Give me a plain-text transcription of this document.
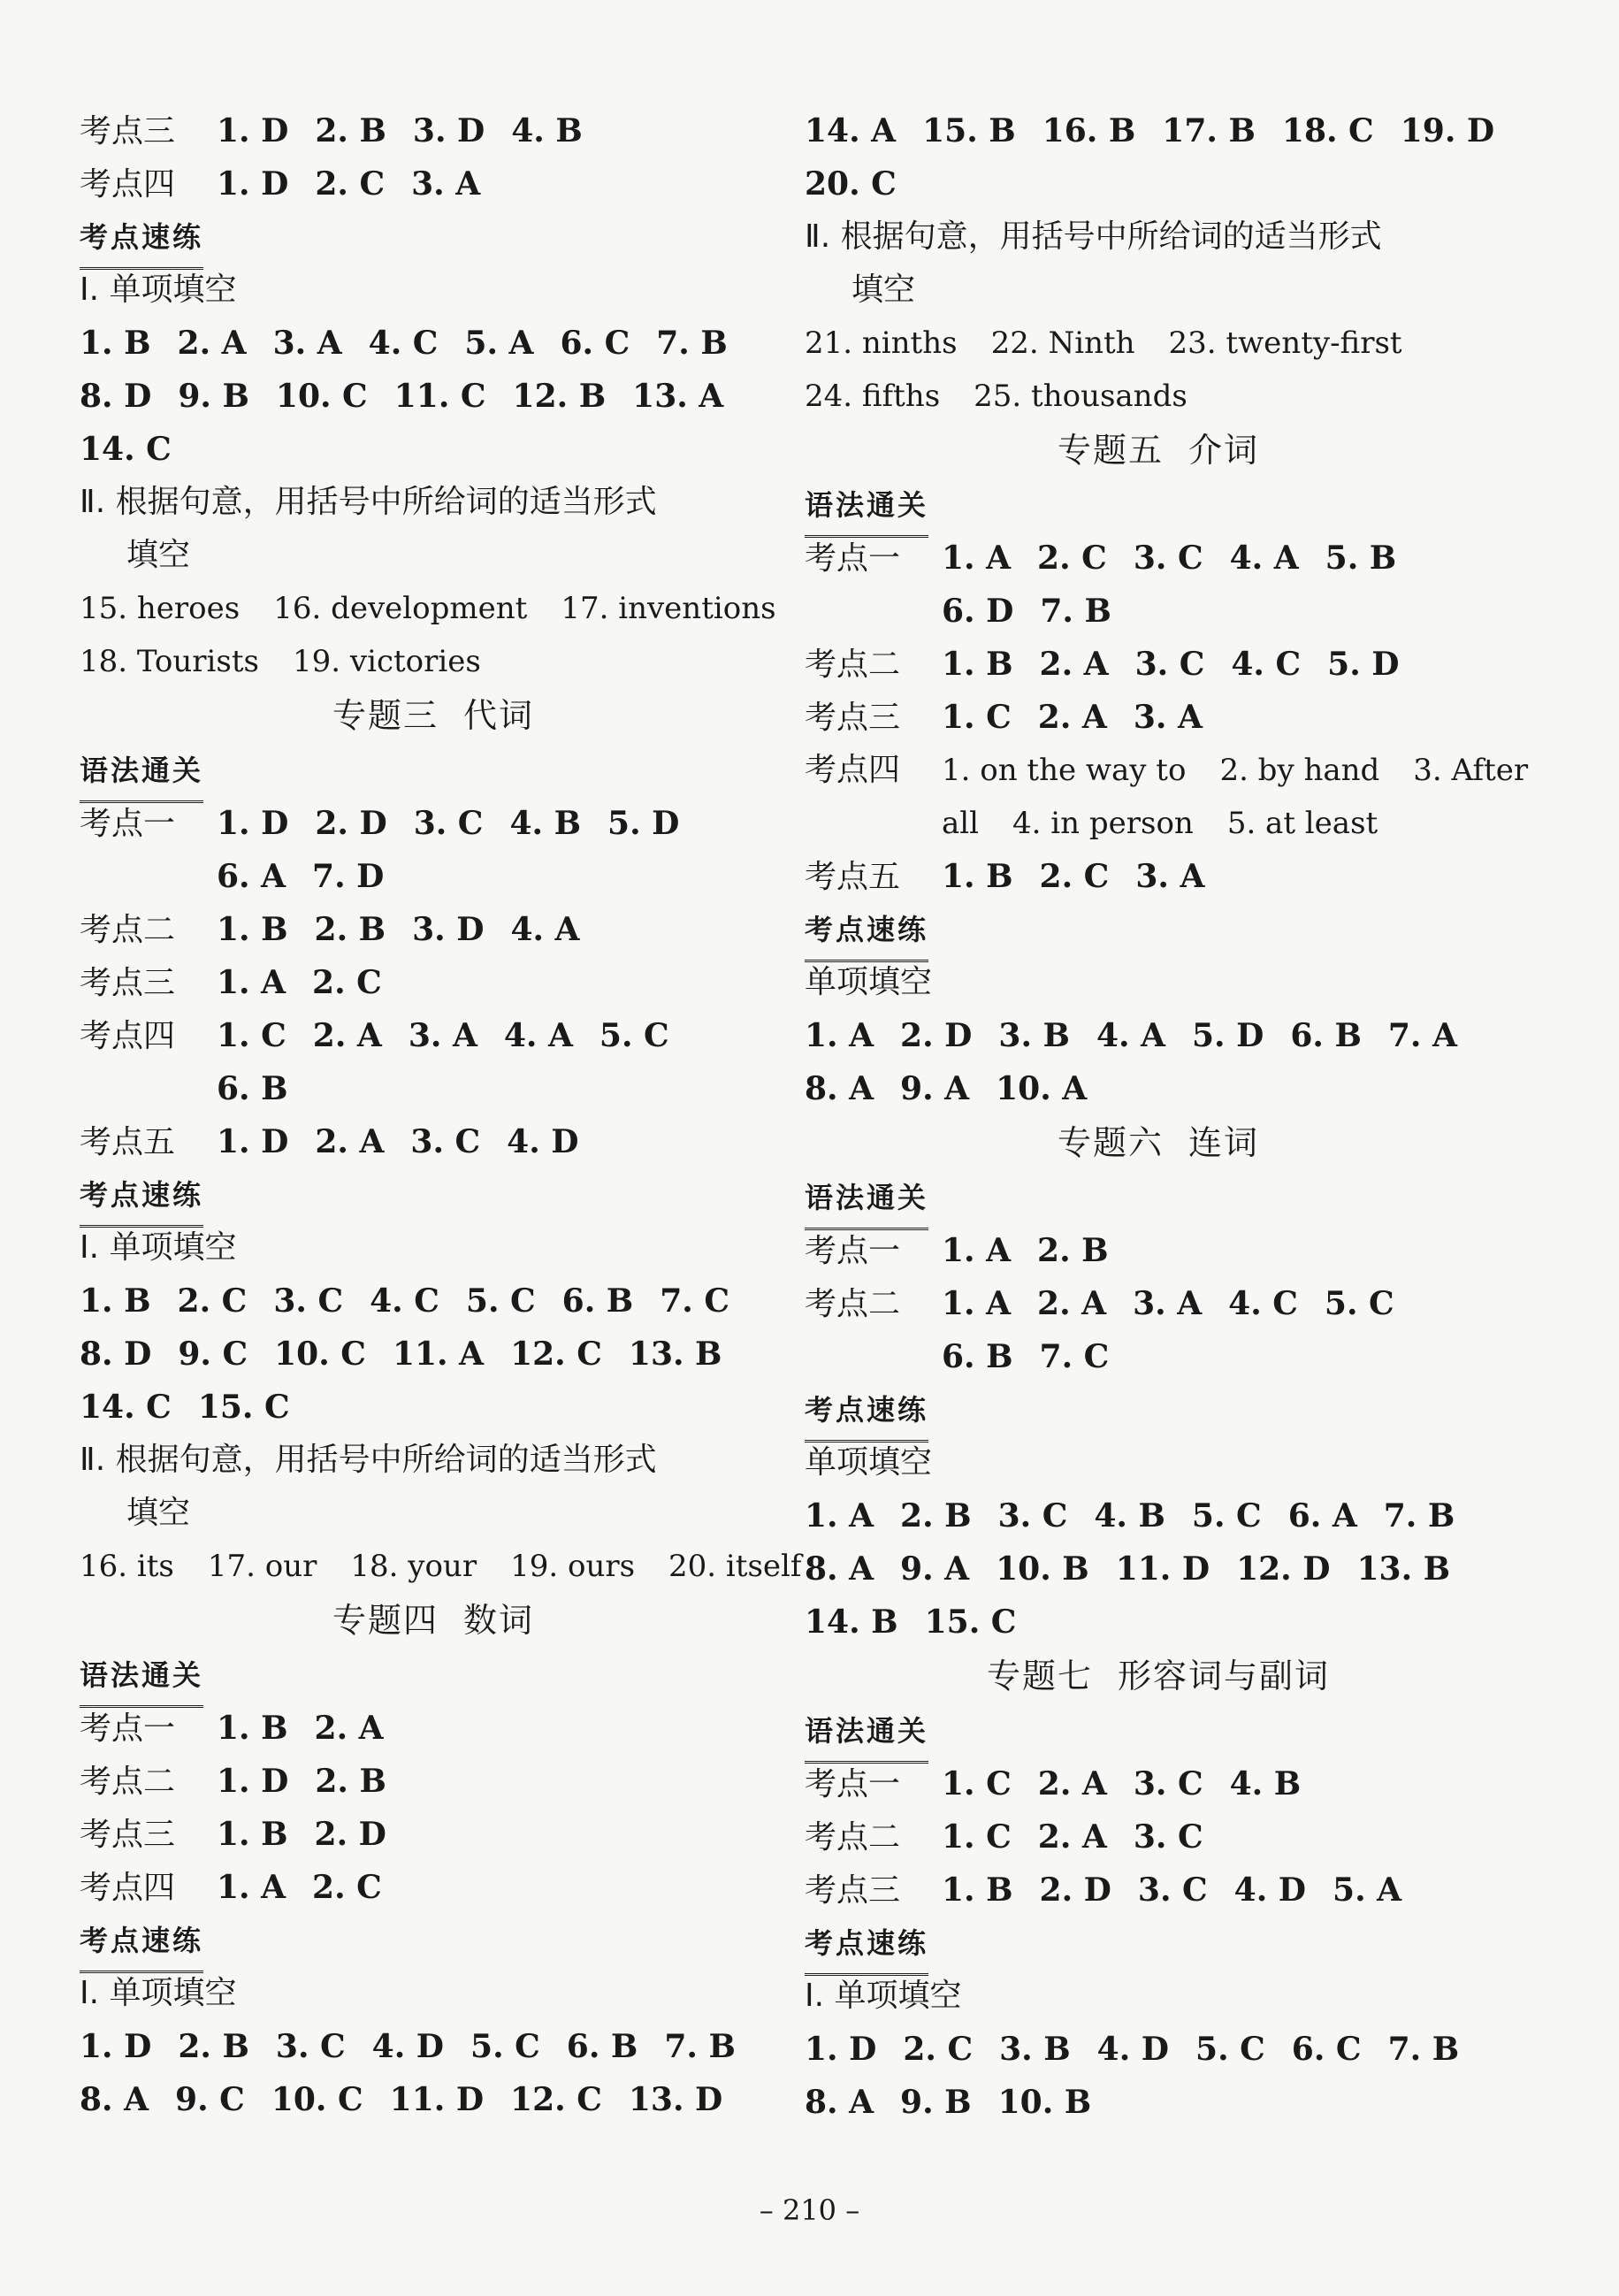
考点三 1. D 2. B 3. D 4. B
考点四 1. D 2. C 3. A
考点速练
Ⅰ. 单项填空
1. B 2. A 3. A 4. C 5. A 6. C 7. B
8. D 9. B 10. C 11. C 12. B 13. A
14. C
Ⅱ. 根据句意，用括号中所给词的适当形式
填空
15. heroes 16. development 17. inventions
18. Tourists 19. victories
专题三 代词
语法通关
考点一 1. D 2. D 3. C 4. B 5. D
6. A 7. D
考点二 1. B 2. B 3. D 4. A
考点三 1. A 2. C
考点四 1. C 2. A 3. A 4. A 5. C
6. B
考点五 1. D 2. A 3. C 4. D
考点速练
Ⅰ. 单项填空
1. B 2. C 3. C 4. C 5. C 6. B 7. C
8. D 9. C 10. C 11. A 12. C 13. B
14. C 15. C
Ⅱ. 根据句意，用括号中所给词的适当形式
填空
16. its 17. our 18. your 19. ours 20. itself
专题四 数词
语法通关
考点一 1. B 2. A
考点二 1. D 2. B
考点三 1. B 2. D
考点四 1. A 2. C
考点速练
Ⅰ. 单项填空
1. D 2. B 3. C 4. D 5. C 6. B 7. B
8. A 9. C 10. C 11. D 12. C 13. D
14. A 15. B 16. B 17. B 18. C 19. D
20. C
Ⅱ. 根据句意，用括号中所给词的适当形式
填空
21. ninths 22. Ninth 23. twenty-first
24. fifths 25. thousands
专题五 介词
语法通关
考点一 1. A 2. C 3. C 4. A 5. B
6. D 7. B
考点二 1. B 2. A 3. C 4. C 5. D
考点三 1. C 2. A 3. A
考点四 1. on the way to 2. by hand 3. After
all 4. in person 5. at least
考点五 1. B 2. C 3. A
考点速练
单项填空
1. A 2. D 3. B 4. A 5. D 6. B 7. A
8. A 9. A 10. A
专题六 连词
语法通关
考点一 1. A 2. B
考点二 1. A 2. A 3. A 4. C 5. C
6. B 7. C
考点速练
单项填空
1. A 2. B 3. C 4. B 5. C 6. A 7. B
8. A 9. A 10. B 11. D 12. D 13. B
14. B 15. C
专题七 形容词与副词
语法通关
考点一 1. C 2. A 3. C 4. B
考点二 1. C 2. A 3. C
考点三 1. B 2. D 3. C 4. D 5. A
考点速练
Ⅰ. 单项填空
1. D 2. C 3. B 4. D 5. C 6. C 7. B
8. A 9. B 10. B
– 210 –
